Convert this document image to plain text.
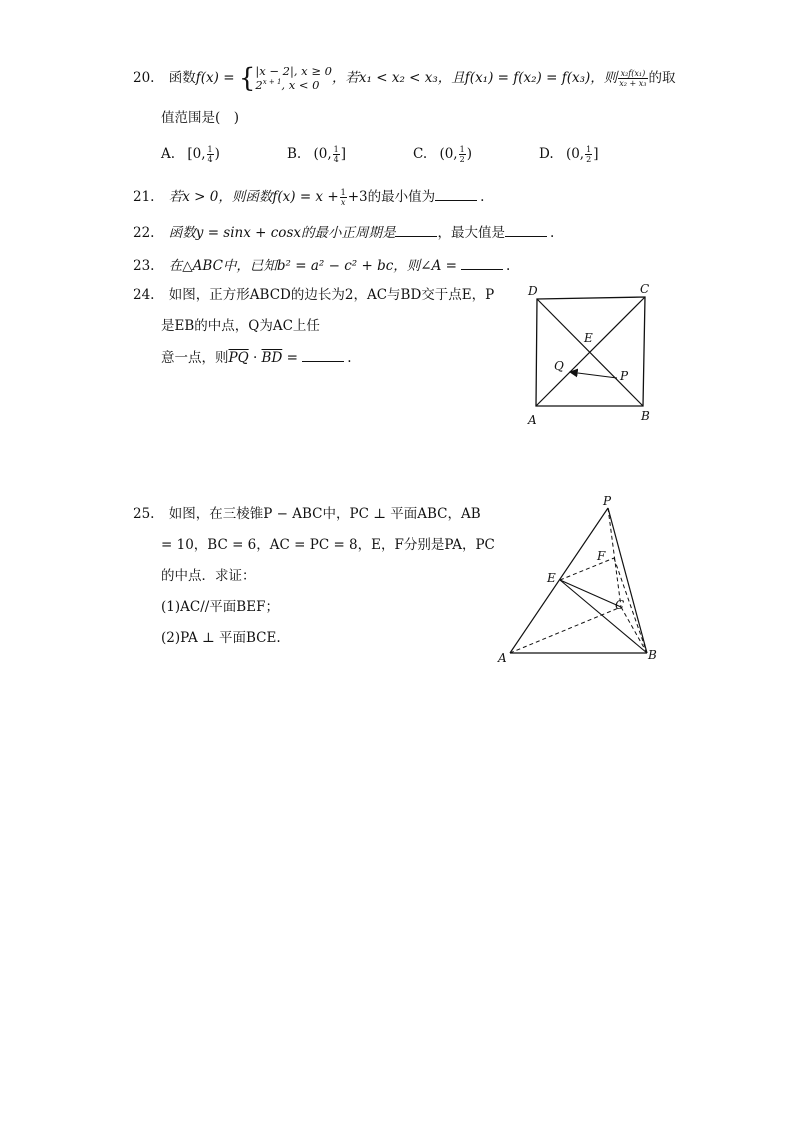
20. 函数f(x) = { |x − 2|, x ≥ 0
$2^{x + 1}$, x < 0 ，若x₁ < x₂ < x₃，且f(x₁) = f(x₂) = f(x₃)，则 $\frac{\text{x₂f(x₁)}}{\text{x₂ + x₃}}$ 的取
值范围是(　)
A. [0, $\frac{1}{4}$ )	B. (0, $\frac{1}{4}$ ]	C. (0, $\frac{1}{2}$ )	D. (0, $\frac{1}{2}$ ]
21. 若x > 0，则函数$f(x) = x + \frac{1}{x} +3$的最小值为	.
22. 函数y = sinx + cosx的最小正周期是	，最大值是	.
23. 在△ABC中，已知b² = a² − c² + bc，则∠A =	.
24. 如图，正方形ABCD的边长为2，AC与BD交于点E，P
是EB的中点，Q为AC上任
意一点，则$\overline{PQ} \cdot \overline{BD}$ =	.
D	C
E
Q
P
A	B
25. 如图，在三棱锥P − ABC中，PC ⊥ 平面ABC，AB
= 10，BC = 6，AC = PC = 8，E，F分别是PA，PC
的中点．求证：
(1)AC//平面BEF；
(2)PA ⊥ 平面BCE.
P
F
E
C
A	B
